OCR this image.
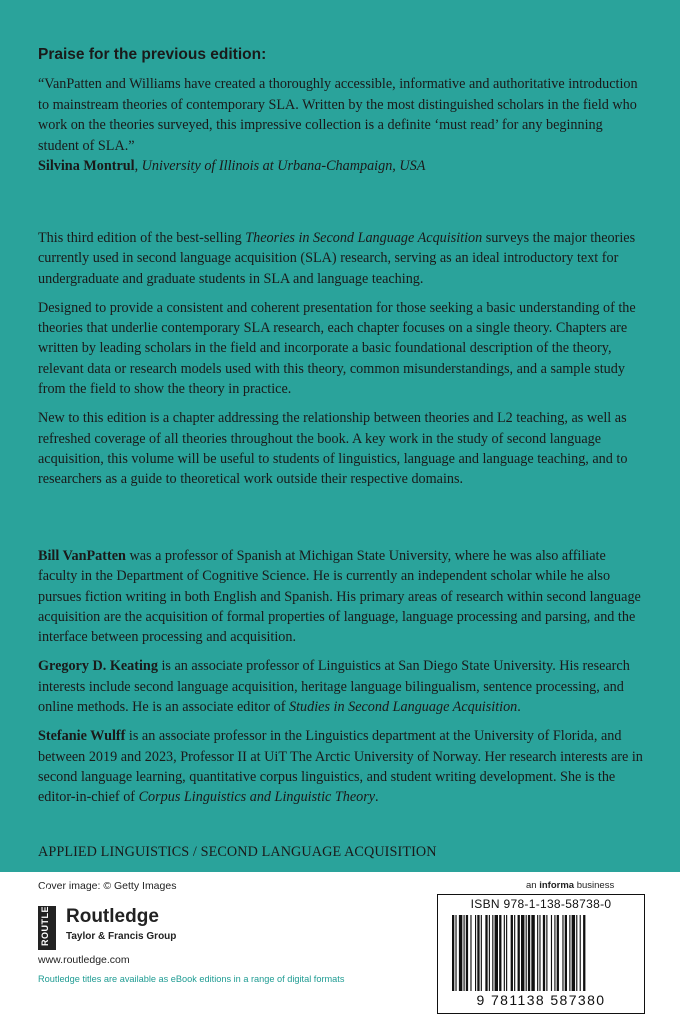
Praise for the previous edition:
“VanPatten and Williams have created a thoroughly accessible, informative and authoritative introduction to mainstream theories of contemporary SLA. Written by the most distinguished scholars in the field who work on the theories surveyed, this impressive collection is a definite ‘must read’ for any beginning student of SLA.”
Silvina Montrul, University of Illinois at Urbana-Champaign, USA

This third edition of the best-selling Theories in Second Language Acquisition surveys the major theories currently used in second language acquisition (SLA) research, serving as an ideal introductory text for undergraduate and graduate students in SLA and language teaching.

Designed to provide a consistent and coherent presentation for those seeking a basic understanding of the theories that underlie contemporary SLA research, each chapter focuses on a single theory. Chapters are written by leading scholars in the field and incorporate a basic foundational description of the theory, relevant data or research models used with this theory, common misunderstandings, and a sample study from the field to show the theory in practice.

New to this edition is a chapter addressing the relationship between theories and L2 teaching, as well as refreshed coverage of all theories throughout the book. A key work in the study of second language acquisition, this volume will be useful to students of linguistics, language and language teaching, and to researchers as a guide to theoretical work outside their respective domains.

Bill VanPatten was a professor of Spanish at Michigan State University, where he was also affiliate faculty in the Department of Cognitive Science. He is currently an independent scholar while he also pursues fiction writing in both English and Spanish. His primary areas of research within second language acquisition are the acquisition of formal properties of language, language processing and parsing, and the interface between processing and acquisition.

Gregory D. Keating is an associate professor of Linguistics at San Diego State University. His research interests include second language acquisition, heritage language bilingualism, sentence processing, and online methods. He is an associate editor of Studies in Second Language Acquisition.

Stefanie Wulff is an associate professor in the Linguistics department at the University of Florida, and between 2019 and 2023, Professor II at UiT The Arctic University of Norway. Her research interests are in second language learning, quantitative corpus linguistics, and student writing development. She is the editor-in-chief of Corpus Linguistics and Linguistic Theory.

APPLIED LINGUISTICS / SECOND LANGUAGE ACQUISITION
Cover image: © Getty Images
ROUTLEDGE Routledge
Taylor & Francis Group
www.routledge.com
Routledge titles are available as eBook editions in a range of digital formats
an informa business
ISBN 978-1-138-58738-0
9 781138 587380
